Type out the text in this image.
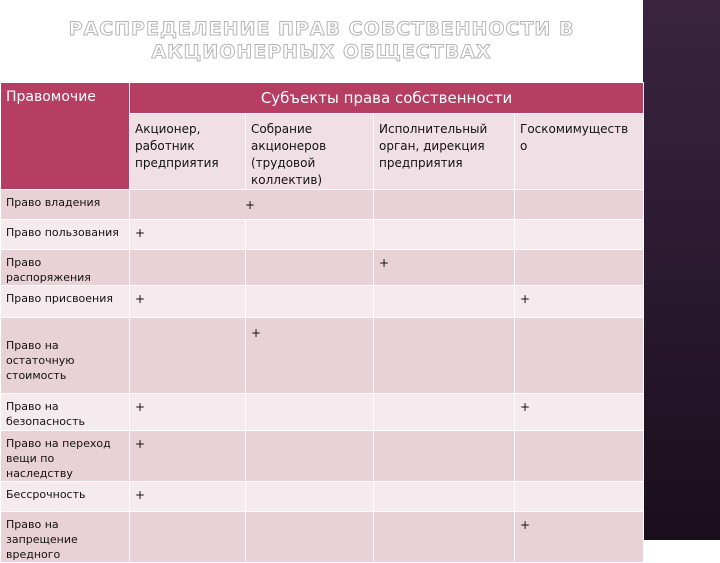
РАСПРЕДЕЛЕНИЕ ПРАВ СОБСТВЕННОСТИ В
АКЦИОНЕРНЫХ ОБЩЕСТВАХ
Правомочие	Субъекты права собственности			
	Акционер, работник предприятия	Собрание акционеров (трудовой коллектив)	Исполнительный орган, дирекция предприятия	Госкомимуществ о
Право владения	+			
Право пользования	+			
Право распоряжения			+	
Право присвоения	+			+
Право на остаточную стоимость		+		
Право на безопасность	+			+
Право на переход вещи по наследству	+			
Бессрочность	+			
Право на запрещение вредного				+
